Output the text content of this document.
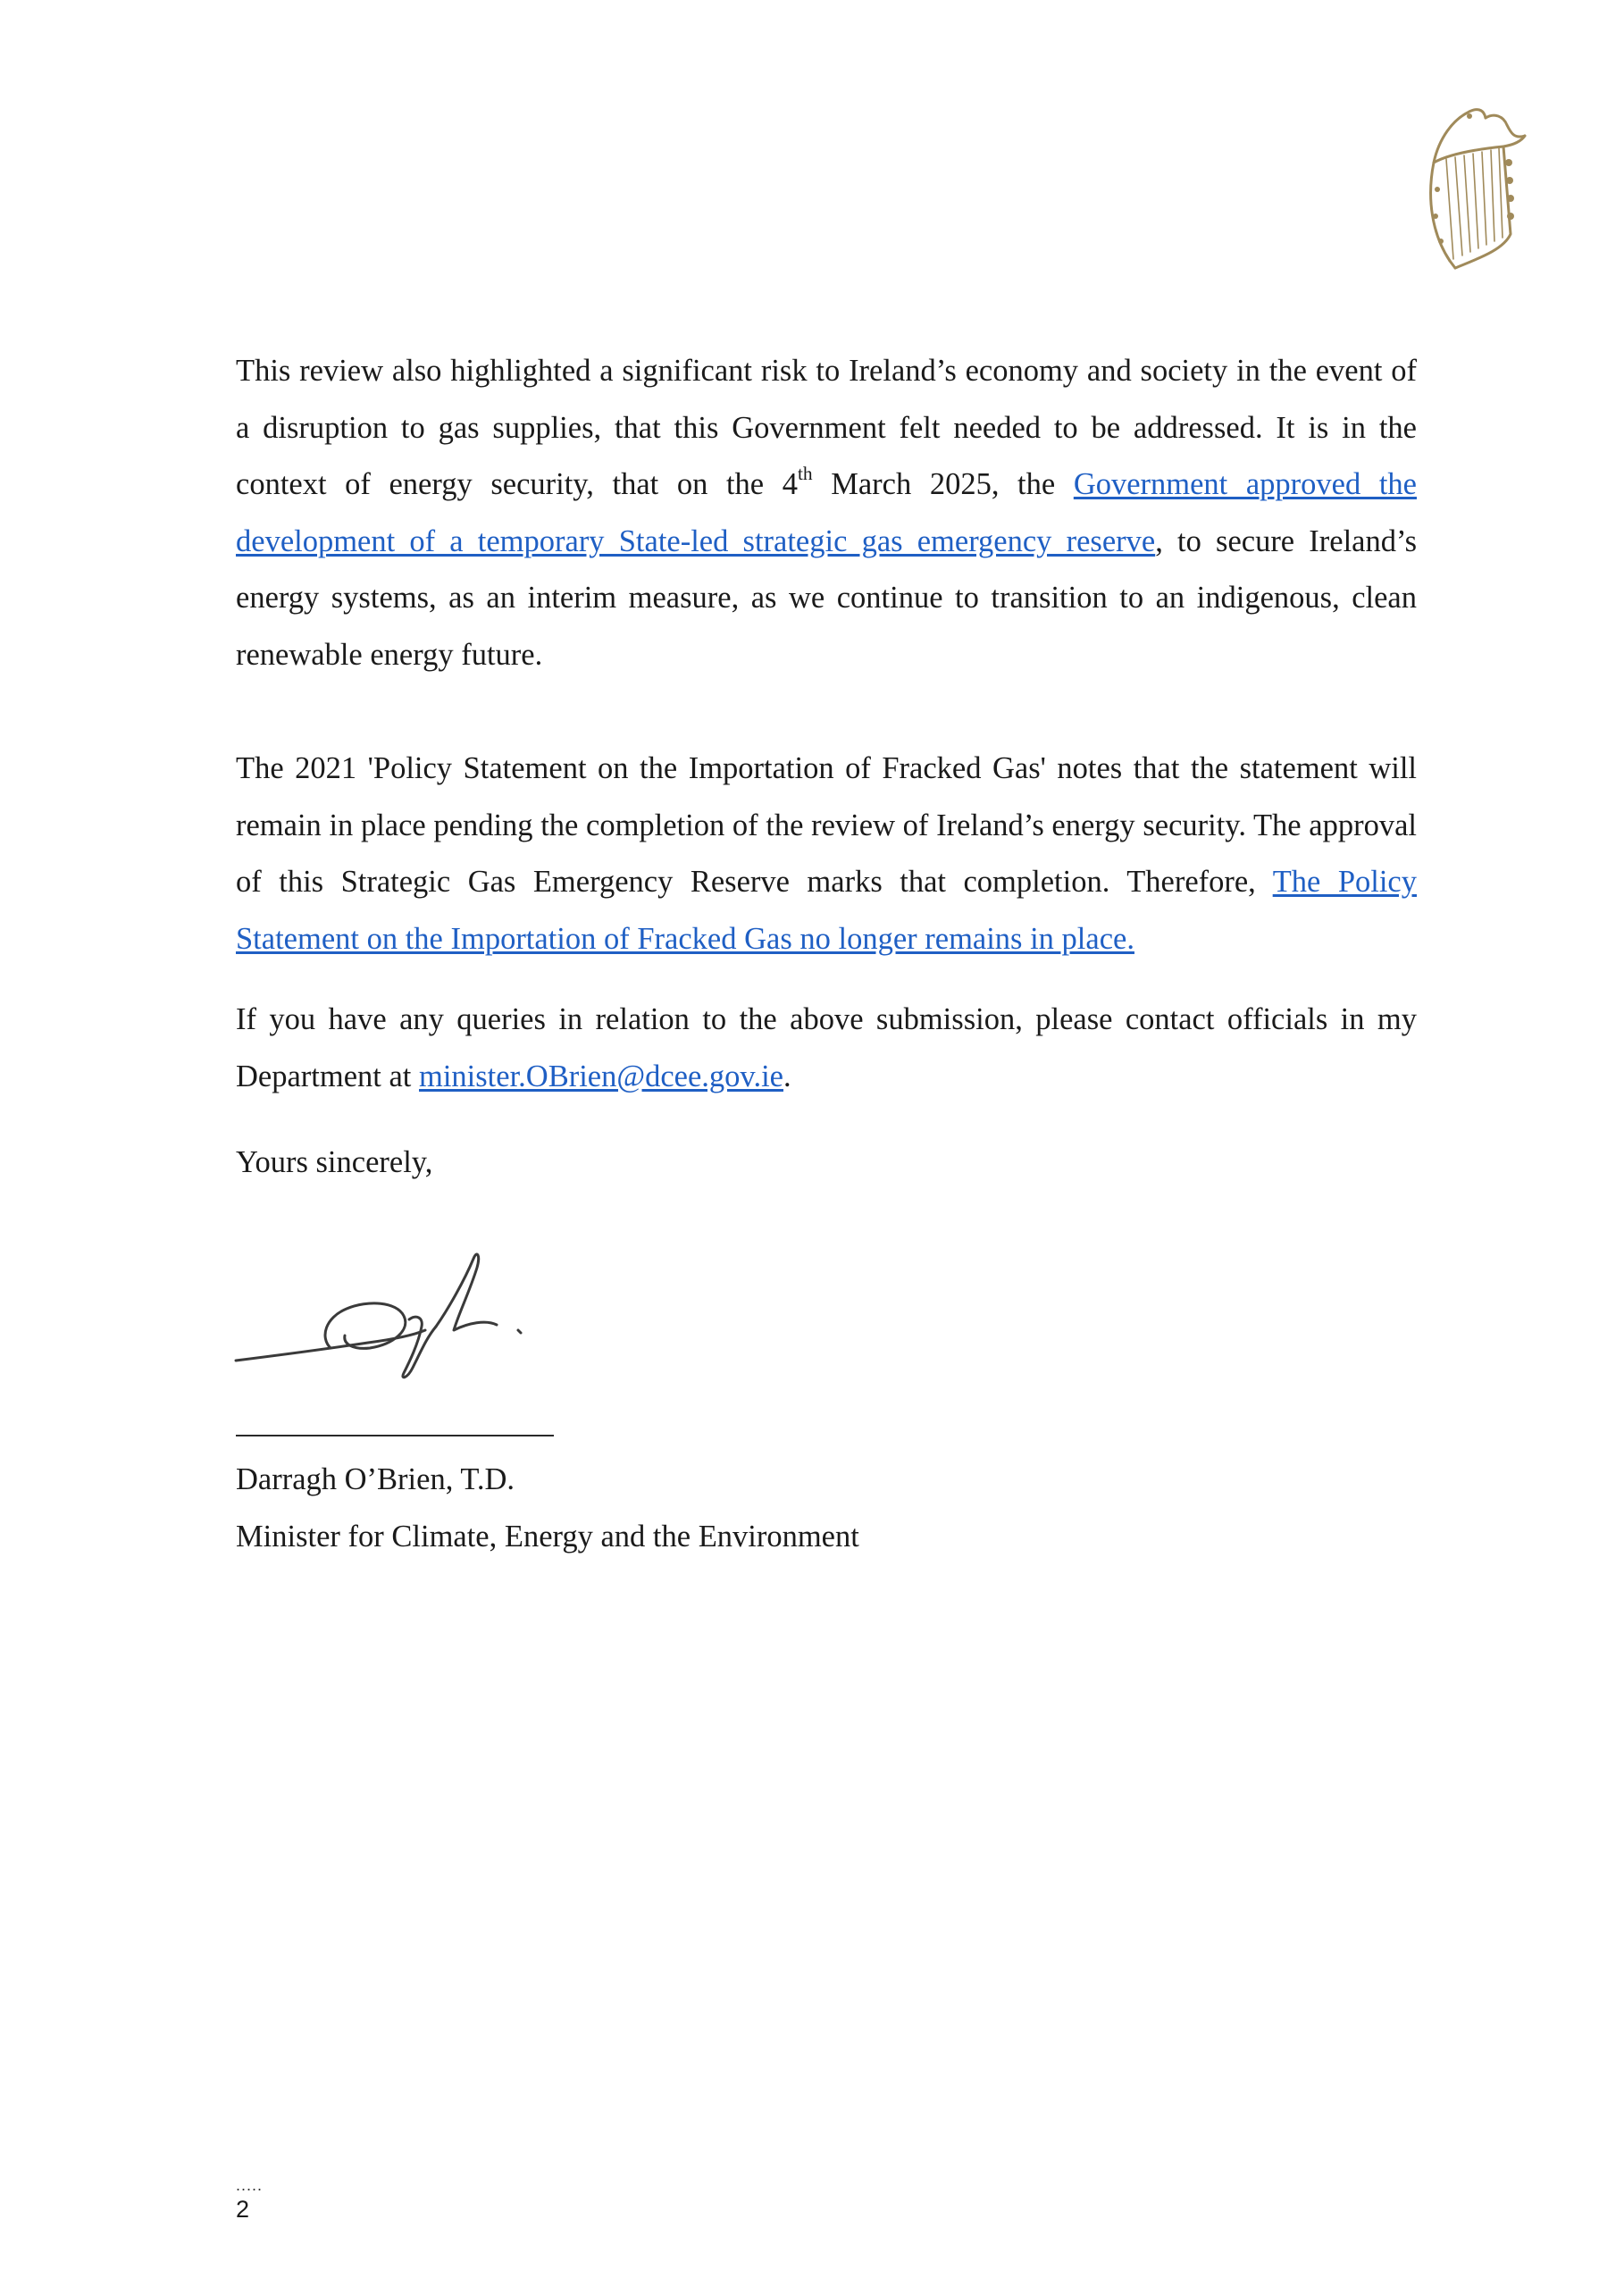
This review also highlighted a significant risk to Ireland’s economy and society in the event of a disruption to gas supplies, that this Government felt needed to be addressed. It is in the context of energy security, that on the 4th March 2025, the Government approved the development of a temporary State-led strategic gas emergency reserve, to secure Ireland’s energy systems, as an interim measure, as we continue to transition to an indigenous, clean renewable energy future.

The 2021 'Policy Statement on the Importation of Fracked Gas' notes that the statement will remain in place pending the completion of the review of Ireland’s energy security. The approval of this Strategic Gas Emergency Reserve marks that completion. Therefore, The Policy Statement on the Importation of Fracked Gas no longer remains in place.

If you have any queries in relation to the above submission, please contact officials in my Department at minister.OBrien@dcee.gov.ie.

Yours sincerely,

Darragh O’Brien, T.D.
Minister for Climate, Energy and the Environment
.....
2
